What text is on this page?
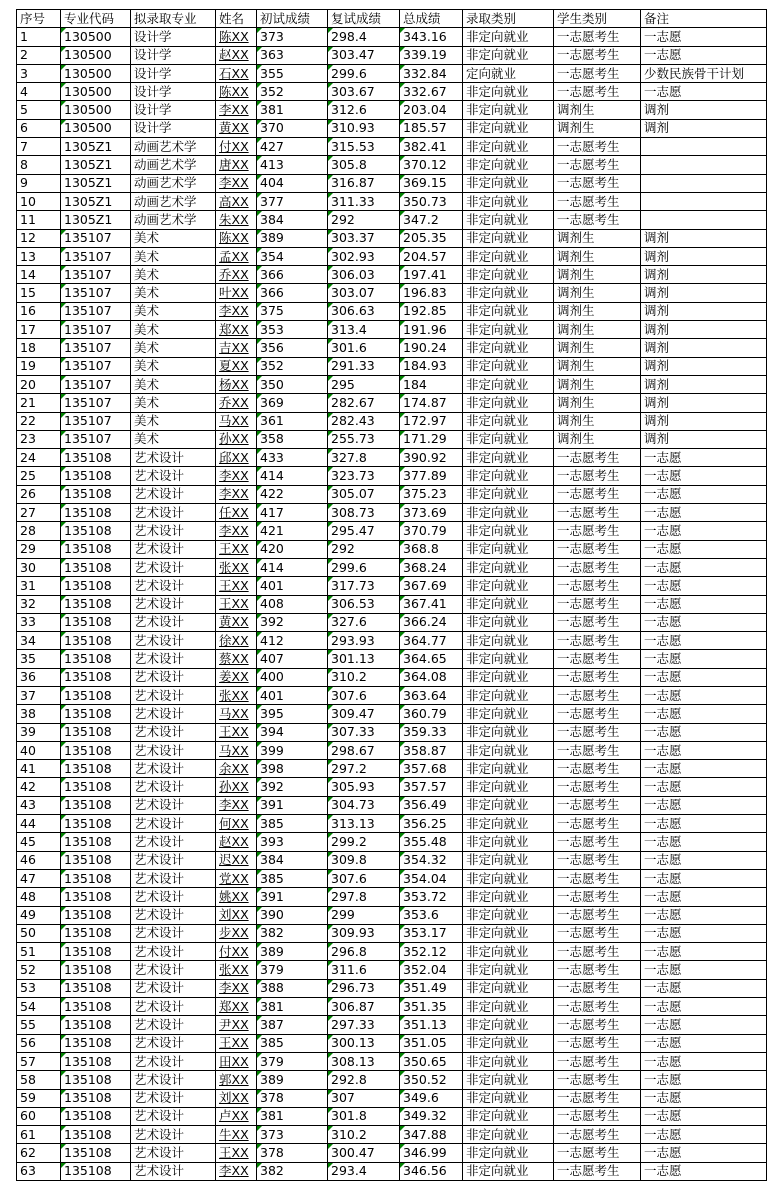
序号	专业代码	拟录取专业	姓名	初试成绩	复试成绩	总成绩	录取类别	学生类别	备注
1	130500	设计学	陈XX	373	298.4	343.16	非定向就业	一志愿考生	一志愿
2	130500	设计学	赵XX	363	303.47	339.19	非定向就业	一志愿考生	一志愿
3	130500	设计学	石XX	355	299.6	332.84	定向就业	一志愿考生	少数民族骨干计划
4	130500	设计学	陈XX	352	303.67	332.67	非定向就业	一志愿考生	一志愿
5	130500	设计学	李XX	381	312.6	203.04	非定向就业	调剂生	调剂
6	130500	设计学	黄XX	370	310.93	185.57	非定向就业	调剂生	调剂
7	1305Z1	动画艺术学	付XX	427	315.53	382.41	非定向就业	一志愿考生	
8	1305Z1	动画艺术学	唐XX	413	305.8	370.12	非定向就业	一志愿考生	
9	1305Z1	动画艺术学	李XX	404	316.87	369.15	非定向就业	一志愿考生	
10	1305Z1	动画艺术学	高XX	377	311.33	350.73	非定向就业	一志愿考生	
11	1305Z1	动画艺术学	朱XX	384	292	347.2	非定向就业	一志愿考生	
12	135107	美术	陈XX	389	303.37	205.35	非定向就业	调剂生	调剂
13	135107	美术	孟XX	354	302.93	204.57	非定向就业	调剂生	调剂
14	135107	美术	乔XX	366	306.03	197.41	非定向就业	调剂生	调剂
15	135107	美术	叶XX	366	303.07	196.83	非定向就业	调剂生	调剂
16	135107	美术	李XX	375	306.63	192.85	非定向就业	调剂生	调剂
17	135107	美术	郑XX	353	313.4	191.96	非定向就业	调剂生	调剂
18	135107	美术	吉XX	356	301.6	190.24	非定向就业	调剂生	调剂
19	135107	美术	夏XX	352	291.33	184.93	非定向就业	调剂生	调剂
20	135107	美术	杨XX	350	295	184	非定向就业	调剂生	调剂
21	135107	美术	乔XX	369	282.67	174.87	非定向就业	调剂生	调剂
22	135107	美术	马XX	361	282.43	172.97	非定向就业	调剂生	调剂
23	135107	美术	孙XX	358	255.73	171.29	非定向就业	调剂生	调剂
24	135108	艺术设计	邱XX	433	327.8	390.92	非定向就业	一志愿考生	一志愿
25	135108	艺术设计	李XX	414	323.73	377.89	非定向就业	一志愿考生	一志愿
26	135108	艺术设计	李XX	422	305.07	375.23	非定向就业	一志愿考生	一志愿
27	135108	艺术设计	任XX	417	308.73	373.69	非定向就业	一志愿考生	一志愿
28	135108	艺术设计	李XX	421	295.47	370.79	非定向就业	一志愿考生	一志愿
29	135108	艺术设计	王XX	420	292	368.8	非定向就业	一志愿考生	一志愿
30	135108	艺术设计	张XX	414	299.6	368.24	非定向就业	一志愿考生	一志愿
31	135108	艺术设计	王XX	401	317.73	367.69	非定向就业	一志愿考生	一志愿
32	135108	艺术设计	王XX	408	306.53	367.41	非定向就业	一志愿考生	一志愿
33	135108	艺术设计	黄XX	392	327.6	366.24	非定向就业	一志愿考生	一志愿
34	135108	艺术设计	徐XX	412	293.93	364.77	非定向就业	一志愿考生	一志愿
35	135108	艺术设计	蔡XX	407	301.13	364.65	非定向就业	一志愿考生	一志愿
36	135108	艺术设计	姜XX	400	310.2	364.08	非定向就业	一志愿考生	一志愿
37	135108	艺术设计	张XX	401	307.6	363.64	非定向就业	一志愿考生	一志愿
38	135108	艺术设计	马XX	395	309.47	360.79	非定向就业	一志愿考生	一志愿
39	135108	艺术设计	王XX	394	307.33	359.33	非定向就业	一志愿考生	一志愿
40	135108	艺术设计	马XX	399	298.67	358.87	非定向就业	一志愿考生	一志愿
41	135108	艺术设计	余XX	398	297.2	357.68	非定向就业	一志愿考生	一志愿
42	135108	艺术设计	孙XX	392	305.93	357.57	非定向就业	一志愿考生	一志愿
43	135108	艺术设计	李XX	391	304.73	356.49	非定向就业	一志愿考生	一志愿
44	135108	艺术设计	何XX	385	313.13	356.25	非定向就业	一志愿考生	一志愿
45	135108	艺术设计	赵XX	393	299.2	355.48	非定向就业	一志愿考生	一志愿
46	135108	艺术设计	迟XX	384	309.8	354.32	非定向就业	一志愿考生	一志愿
47	135108	艺术设计	党XX	385	307.6	354.04	非定向就业	一志愿考生	一志愿
48	135108	艺术设计	姚XX	391	297.8	353.72	非定向就业	一志愿考生	一志愿
49	135108	艺术设计	刘XX	390	299	353.6	非定向就业	一志愿考生	一志愿
50	135108	艺术设计	步XX	382	309.93	353.17	非定向就业	一志愿考生	一志愿
51	135108	艺术设计	付XX	389	296.8	352.12	非定向就业	一志愿考生	一志愿
52	135108	艺术设计	张XX	379	311.6	352.04	非定向就业	一志愿考生	一志愿
53	135108	艺术设计	李XX	388	296.73	351.49	非定向就业	一志愿考生	一志愿
54	135108	艺术设计	郑XX	381	306.87	351.35	非定向就业	一志愿考生	一志愿
55	135108	艺术设计	尹XX	387	297.33	351.13	非定向就业	一志愿考生	一志愿
56	135108	艺术设计	王XX	385	300.13	351.05	非定向就业	一志愿考生	一志愿
57	135108	艺术设计	田XX	379	308.13	350.65	非定向就业	一志愿考生	一志愿
58	135108	艺术设计	郭XX	389	292.8	350.52	非定向就业	一志愿考生	一志愿
59	135108	艺术设计	刘XX	378	307	349.6	非定向就业	一志愿考生	一志愿
60	135108	艺术设计	卢XX	381	301.8	349.32	非定向就业	一志愿考生	一志愿
61	135108	艺术设计	牛XX	373	310.2	347.88	非定向就业	一志愿考生	一志愿
62	135108	艺术设计	王XX	378	300.47	346.99	非定向就业	一志愿考生	一志愿
63	135108	艺术设计	李XX	382	293.4	346.56	非定向就业	一志愿考生	一志愿
